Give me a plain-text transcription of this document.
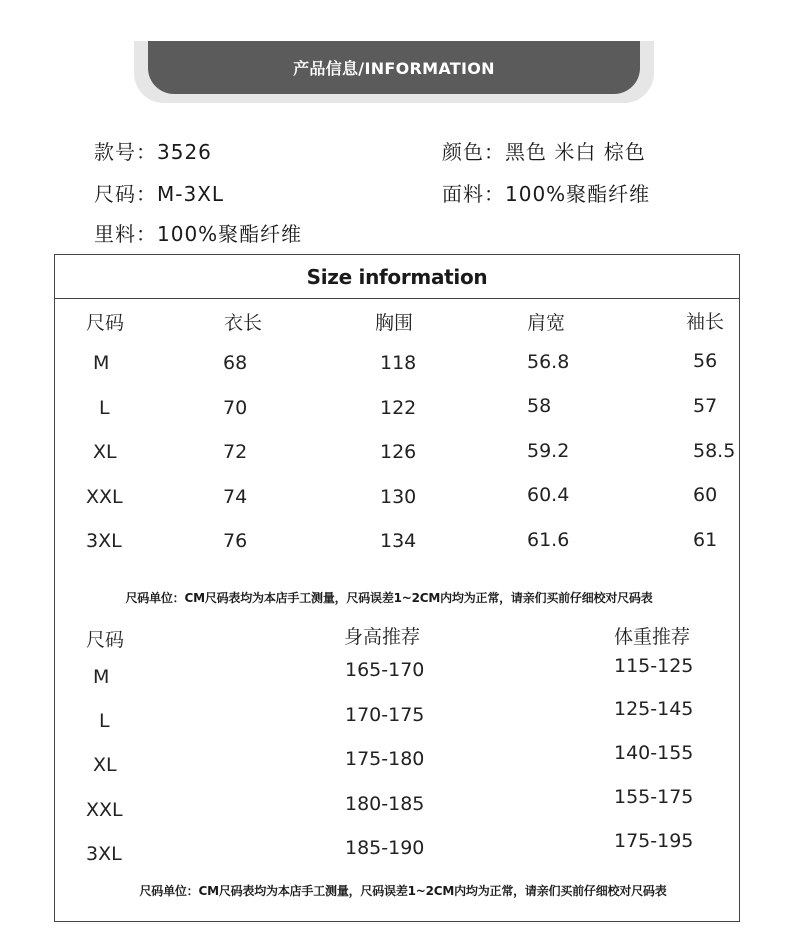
产品信息/INFORMATION
款号：3526	颜色：黑色 米白 棕色
尺码：M-3XL	面料：100%聚酯纤维
里料：100%聚酯纤维
Size information
尺码	衣长	胸围	肩宽	袖长
M	68	118	56.8	56
L	70	122	58	57
XL	72	126	59.2	58.5
XXL	74	130	60.4	60
3XL	76	134	61.6	61
尺码单位：CM尺码表均为本店手工测量，尺码误差1~2CM内均为正常，请亲们买前仔细校对尺码表
尺码	身高推荐	体重推荐
M	165-170	115-125
L	170-175	125-145
XL	175-180	140-155
XXL	180-185	155-175
3XL	185-190	175-195
尺码单位：CM尺码表均为本店手工测量，尺码误差1~2CM内均为正常，请亲们买前仔细校对尺码表
